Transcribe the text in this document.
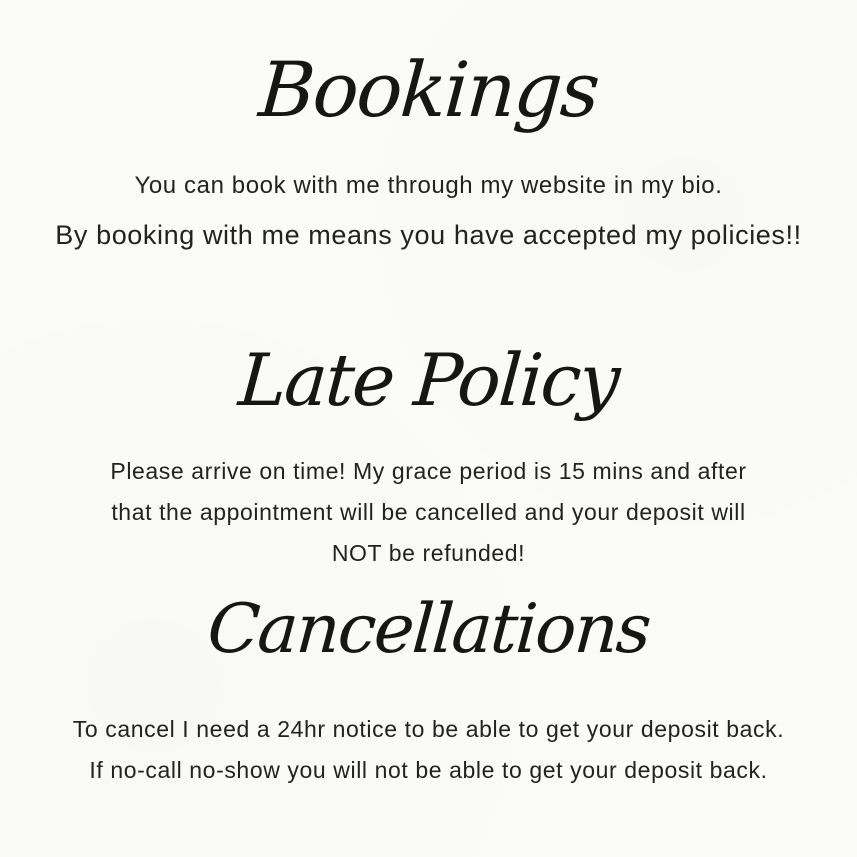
Bookings
You can book with me through my website in my bio.
By booking with me means you have accepted my policies!!
Late Policy
Please arrive on time! My grace period is 15 mins and after
that the appointment will be cancelled and your deposit will
NOT be refunded!
Cancellations
To cancel I need a 24hr notice to be able to get your deposit back.
If no-call no-show you will not be able to get your deposit back.
